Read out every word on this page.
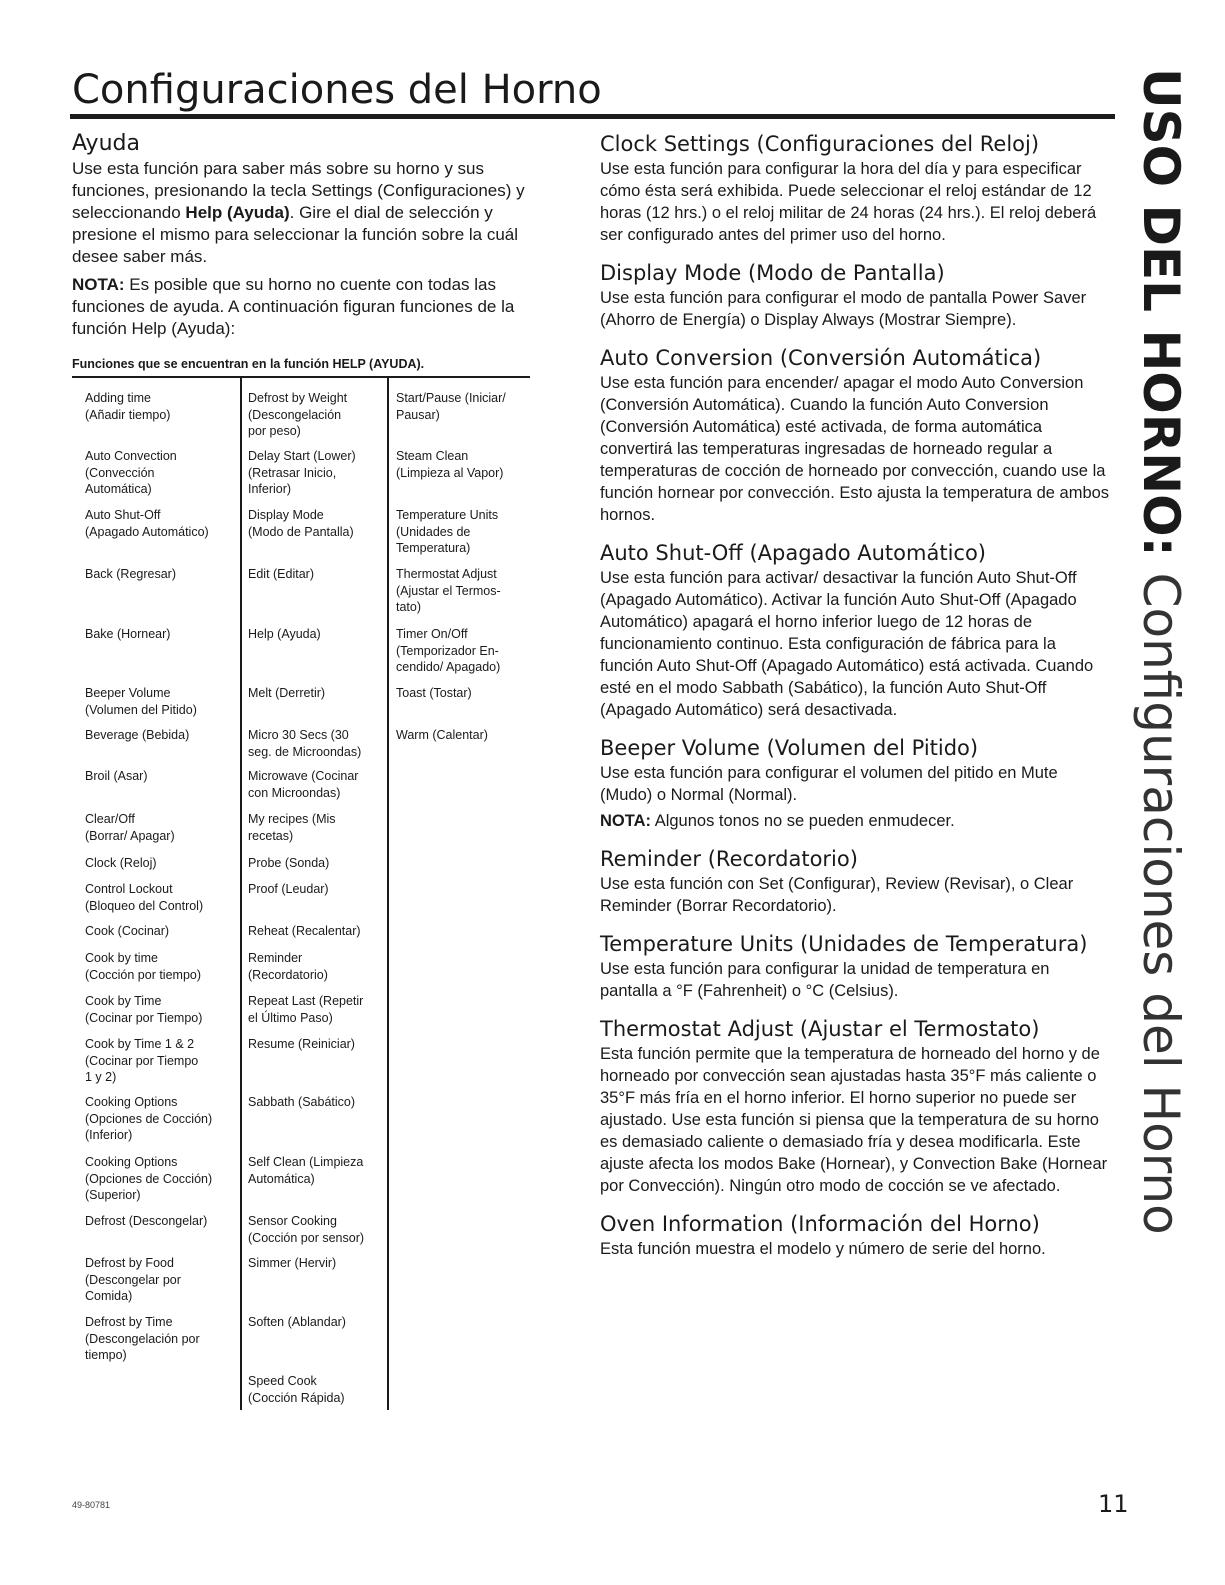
Configuraciones del Horno	USO DEL HORNO: Configuraciones del Horno
Ayuda

Use esta función para saber más sobre su horno y sus funciones, presionando la tecla Settings (Configuraciones) y seleccionando Help (Ayuda). Gire el dial de selección y presione el mismo para seleccionar la función sobre la cuál desee saber más.

NOTA: Es posible que su horno no cuente con todas las funciones de ayuda. A continuación figuran funciones de la función Help (Ayuda):

Funciones que se encuentran en la función HELP (AYUDA).
Adding time
(Añadir tiempo)
Auto Convection
(Convección
Automática)
Auto Shut-Off
(Apagado Automático)
Back (Regresar)
Bake (Hornear)
Beeper Volume
(Volumen del Pitido)
Beverage (Bebida)
Broil (Asar)
Clear/Off
(Borrar/ Apagar)
Clock (Reloj)
Control Lockout
(Bloqueo del Control)
Cook (Cocinar)
Cook by time
(Cocción por tiempo)
Cook by Time
(Cocinar por Tiempo)
Cook by Time 1 & 2
(Cocinar por Tiempo
1 y 2)
Cooking Options
(Opciones de Cocción)
(Inferior)
Cooking Options
(Opciones de Cocción)
(Superior)
Defrost (Descongelar)
Defrost by Food
(Descongelar por
Comida)
Defrost by Time
(Descongelación por
tiempo)
Defrost by Weight
(Descongelación
por peso)
Delay Start (Lower)
(Retrasar Inicio,
Inferior)
Display Mode
(Modo de Pantalla)
Edit (Editar)
Help (Ayuda)
Melt (Derretir)
Micro 30 Secs (30
seg. de Microondas)
Microwave (Cocinar
con Microondas)
My recipes (Mis
recetas)
Probe (Sonda)
Proof (Leudar)
Reheat (Recalentar)
Reminder
(Recordatorio)
Repeat Last (Repetir
el Último Paso)
Resume (Reiniciar)
Sabbath (Sabático)
Self Clean (Limpieza
Automática)
Sensor Cooking
(Cocción por sensor)
Simmer (Hervir)
Soften (Ablandar)
Speed Cook
(Cocción Rápida)
Start/Pause (Iniciar/
Pausar)
Steam Clean
(Limpieza al Vapor)
Temperature Units
(Unidades de
Temperatura)
Thermostat Adjust
(Ajustar el Termos-
tato)
Timer On/Off
(Temporizador En-
cendido/ Apagado)
Toast (Tostar)
Warm (Calentar)
Clock Settings (Configuraciones del Reloj)

Use esta función para configurar la hora del día y para especificar cómo ésta será exhibida. Puede seleccionar el reloj estándar de 12 horas (12 hrs.) o el reloj militar de 24 horas (24 hrs.). El reloj deberá ser configurado antes del primer uso del horno.

Display Mode (Modo de Pantalla)

Use esta función para configurar el modo de pantalla Power Saver (Ahorro de Energía) o Display Always (Mostrar Siempre).

Auto Conversion (Conversión Automática)

Use esta función para encender/ apagar el modo Auto Conversion (Conversión Automática). Cuando la función Auto Conversion (Conversión Automática) esté activada, de forma automática convertirá las temperaturas ingresadas de horneado regular a temperaturas de cocción de horneado por convección, cuando use la función hornear por convección. Esto ajusta la temperatura de ambos hornos.

Auto Shut-Off (Apagado Automático)

Use esta función para activar/ desactivar la función Auto Shut-Off (Apagado Automático). Activar la función Auto Shut-Off (Apagado Automático) apagará el horno inferior luego de 12 horas de funcionamiento continuo. Esta configuración de fábrica para la función Auto Shut-Off (Apagado Automático) está activada. Cuando esté en el modo Sabbath (Sabático), la función Auto Shut-Off (Apagado Automático) será desactivada.

Beeper Volume (Volumen del Pitido)

Use esta función para configurar el volumen del pitido en Mute (Mudo) o Normal (Normal).

NOTA: Algunos tonos no se pueden enmudecer.

Reminder (Recordatorio)

Use esta función con Set (Configurar), Review (Revisar), o Clear Reminder (Borrar Recordatorio).

Temperature Units (Unidades de Temperatura)

Use esta función para configurar la unidad de temperatura en pantalla a °F (Fahrenheit) o °C (Celsius).

Thermostat Adjust (Ajustar el Termostato)

Esta función permite que la temperatura de horneado del horno y de horneado por convección sean ajustadas hasta 35°F más caliente o 35°F más fría en el horno inferior. El horno superior no puede ser ajustado. Use esta función si piensa que la temperatura de su horno es demasiado caliente o demasiado fría y desea modificarla. Este ajuste afecta los modos Bake (Hornear), y Convection Bake (Hornear por Convección). Ningún otro modo de cocción se ve afectado.

Oven Information (Información del Horno)

Esta función muestra el modelo y número de serie del horno.

49-80781	11
